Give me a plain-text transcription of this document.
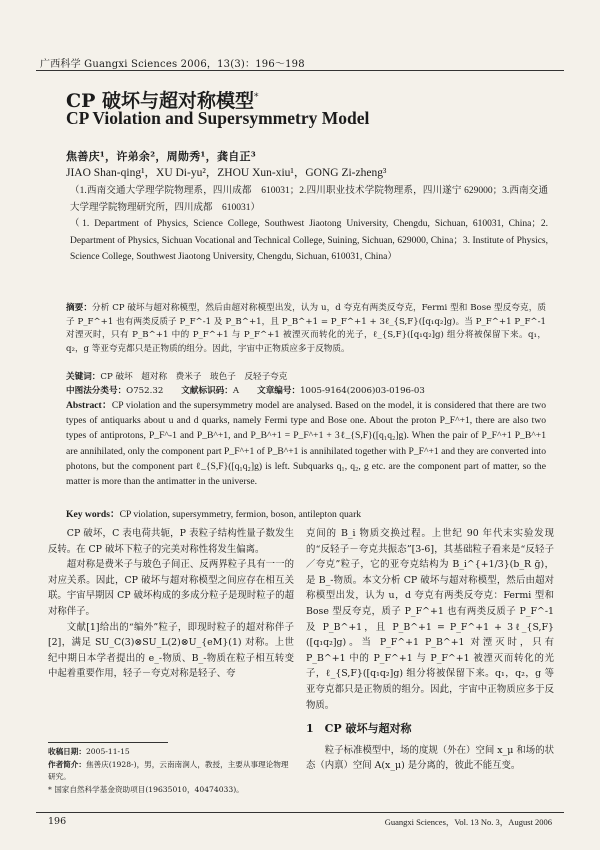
广西科学 Guangxi Sciences 2006，13(3)：196～198
CP 破坏与超对称模型*
CP Violation and Supersymmetry Model
焦善庆¹，许弟余²，周勋秀¹，龚自正³
JIAO Shan-qing¹，XU Di-yu²，ZHOU Xun-xiu¹，GONG Zi-zheng³
（1.西南交通大学理学院物理系，四川成都　610031；2.四川职业技术学院物理系，四川遂宁 629000；3.西南交通大学理学院物理研究所，四川成都　610031）
（1. Department of Physics, Science College, Southwest Jiaotong University, Chengdu, Sichuan, 610031, China；2. Department of Physics, Sichuan Vocational and Technical College, Suining, Sichuan, 629000, China；3. Institute of Physics, Science College, Southwest Jiaotong University, Chengdu, Sichuan, 610031, China）
摘要：分析 CP 破坏与超对称模型，然后由超对称模型出发，认为 u，d 夸克有两类反夸克，Fermi 型和 Bose 型反夸克，质子 P_F^+1 也有两类反质子 P_F^-1 及 P_B^+1，且 P_B^+1 = P_F^+1 + 3ℓ_{S,F}([q₁q₂]g)。当 P_F^+1 P_F^-1 对湮灭时，只有 P_B^+1 中的 P_F^+1 与 P_F^+1 被湮灭而转化的光子，ℓ_{S,F}([q₁q₂]g) 组分将被保留下来。q₁，q₂，g 等亚夸克都只是正物质的组分。因此，宇宙中正物质应多于反物质。
关键词：CP 破坏　超对称　费米子　玻色子　反轻子夸克
中图法分类号：O752.32 文献标识码：A 文章编号：1005-9164(2006)03-0196-03
Abstract：CP violation and the supersymmetry model are analysed. Based on the model, it is considered that there are two types of antiquarks about u and d quarks, namely Fermi type and Bose one. About the proton P_F^+1, there are also two types of antiprotons, P_F^-1 and P_B^+1, and P_B^+1 = P_F^+1 + 3ℓ_{S,F}([q₁q₂]g). When the pair of P_F^+1 P_B^+1 are annihilated, only the component part P_F^+1 of P_B^+1 is annihilated together with P_F^+1 and they are converted into photons, but the component part ℓ_{S,F}([q₁q₂]g) is left. Subquarks q₁, q₂, g etc. are the component part of matter, so the matter is more than the antimatter in the universe.
Key words：CP violation, supersymmetry, fermion, boson, antilepton quark

CP 破坏，C 表电荷共轭，P 表粒子结构性量子数发生反转。在 CP 破坏下粒子的完美对称性将发生偏离。

超对称是费米子与玻色子间正、反两界粒子具有一一的对应关系。因此，CP 破坏与超对称模型之间应存在相互关联。宇宙早期因 CP 破坏构成的多成分粒子是现时粒子的超对称伴子。

文献[1]给出的“编外”粒子，即现时粒子的超对称伴子[2]，满足 SU_C(3)⊗SU_L(2)⊗U_{eM}(1) 对称。上世纪中期日本学者提出的 e_-物质、B_-物质在粒子相互转变中起着重要作用，轻子－夸克对称是轻子、夸

克间的 B_i 物质交换过程。上世纪 90 年代末实验发现的“反轻子－夸克共振态”[3-6]，其基础粒子看来是“反轻子／夸克”粒子，它的亚夸克结构为 B_i^{+1/3}(b_R g̃)，是 B_-物质。本文分析 CP 破坏与超对称模型，然后由超对称模型出发，认为 u，d 夸克有两类反夸克：Fermi 型和 Bose 型反夸克，质子 P_F^+1 也有两类反质子 P_F^-1 及 P_B^+1，且 P_B^+1 = P_F^+1 + 3ℓ_{S,F}([q₁q₂]g)。当 P_F^+1 P_B^+1 对湮灭时，只有 P_B^+1 中的 P_F^+1 与 P_F^+1 被湮灭而转化的光子，ℓ_{S,F}([q₁q₂]g) 组分将被保留下来。q₁，q₂，g 等亚夸克都只是正物质的组分。因此，宇宙中正物质应多于反物质。
1　CP 破坏与超对称

粒子标准模型中，场的度规（外在）空间 x_μ 和场的状态（内禀）空间 A(x_μ) 是分离的，彼此不能互变。

收稿日期：2005-11-15
作者简介：焦善庆(1928-)，男，云南南涧人，教授，主要从事理论物理研究。
* 国家自然科学基金资助项目(19635010，40474033)。
196	Guangxi Sciences，Vol. 13 No. 3，August 2006
